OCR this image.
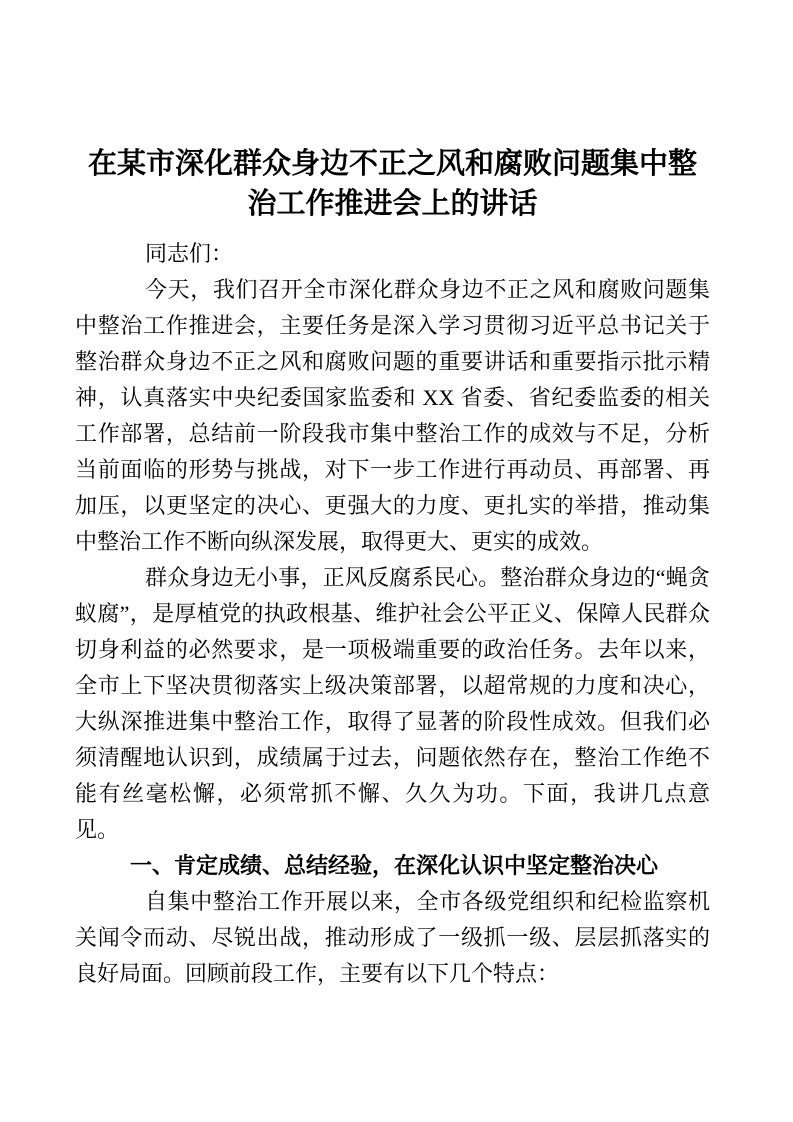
在某市深化群众身边不正之风和腐败问题集中整治工作推进会上的讲话

同志们：

今天，我们召开全市深化群众身边不正之风和腐败问题集中整治工作推进会，主要任务是深入学习贯彻习近平总书记关于整治群众身边不正之风和腐败问题的重要讲话和重要指示批示精神，认真落实中央纪委国家监委和 XX 省委、省纪委监委的相关工作部署，总结前一阶段我市集中整治工作的成效与不足，分析当前面临的形势与挑战，对下一步工作进行再动员、再部署、再加压，以更坚定的决心、更强大的力度、更扎实的举措，推动集中整治工作不断向纵深发展，取得更大、更实的成效。

群众身边无小事，正风反腐系民心。整治群众身边的“蝇贪蚁腐”，是厚植党的执政根基、维护社会公平正义、保障人民群众切身利益的必然要求，是一项极端重要的政治任务。去年以来，全市上下坚决贯彻落实上级决策部署，以超常规的力度和决心，大纵深推进集中整治工作，取得了显著的阶段性成效。但我们必须清醒地认识到，成绩属于过去，问题依然存在，整治工作绝不能有丝毫松懈，必须常抓不懈、久久为功。下面，我讲几点意见。

一、肯定成绩、总结经验，在深化认识中坚定整治决心

自集中整治工作开展以来，全市各级党组织和纪检监察机关闻令而动、尽锐出战，推动形成了一级抓一级、层层抓落实的良好局面。回顾前段工作，主要有以下几个特点：
